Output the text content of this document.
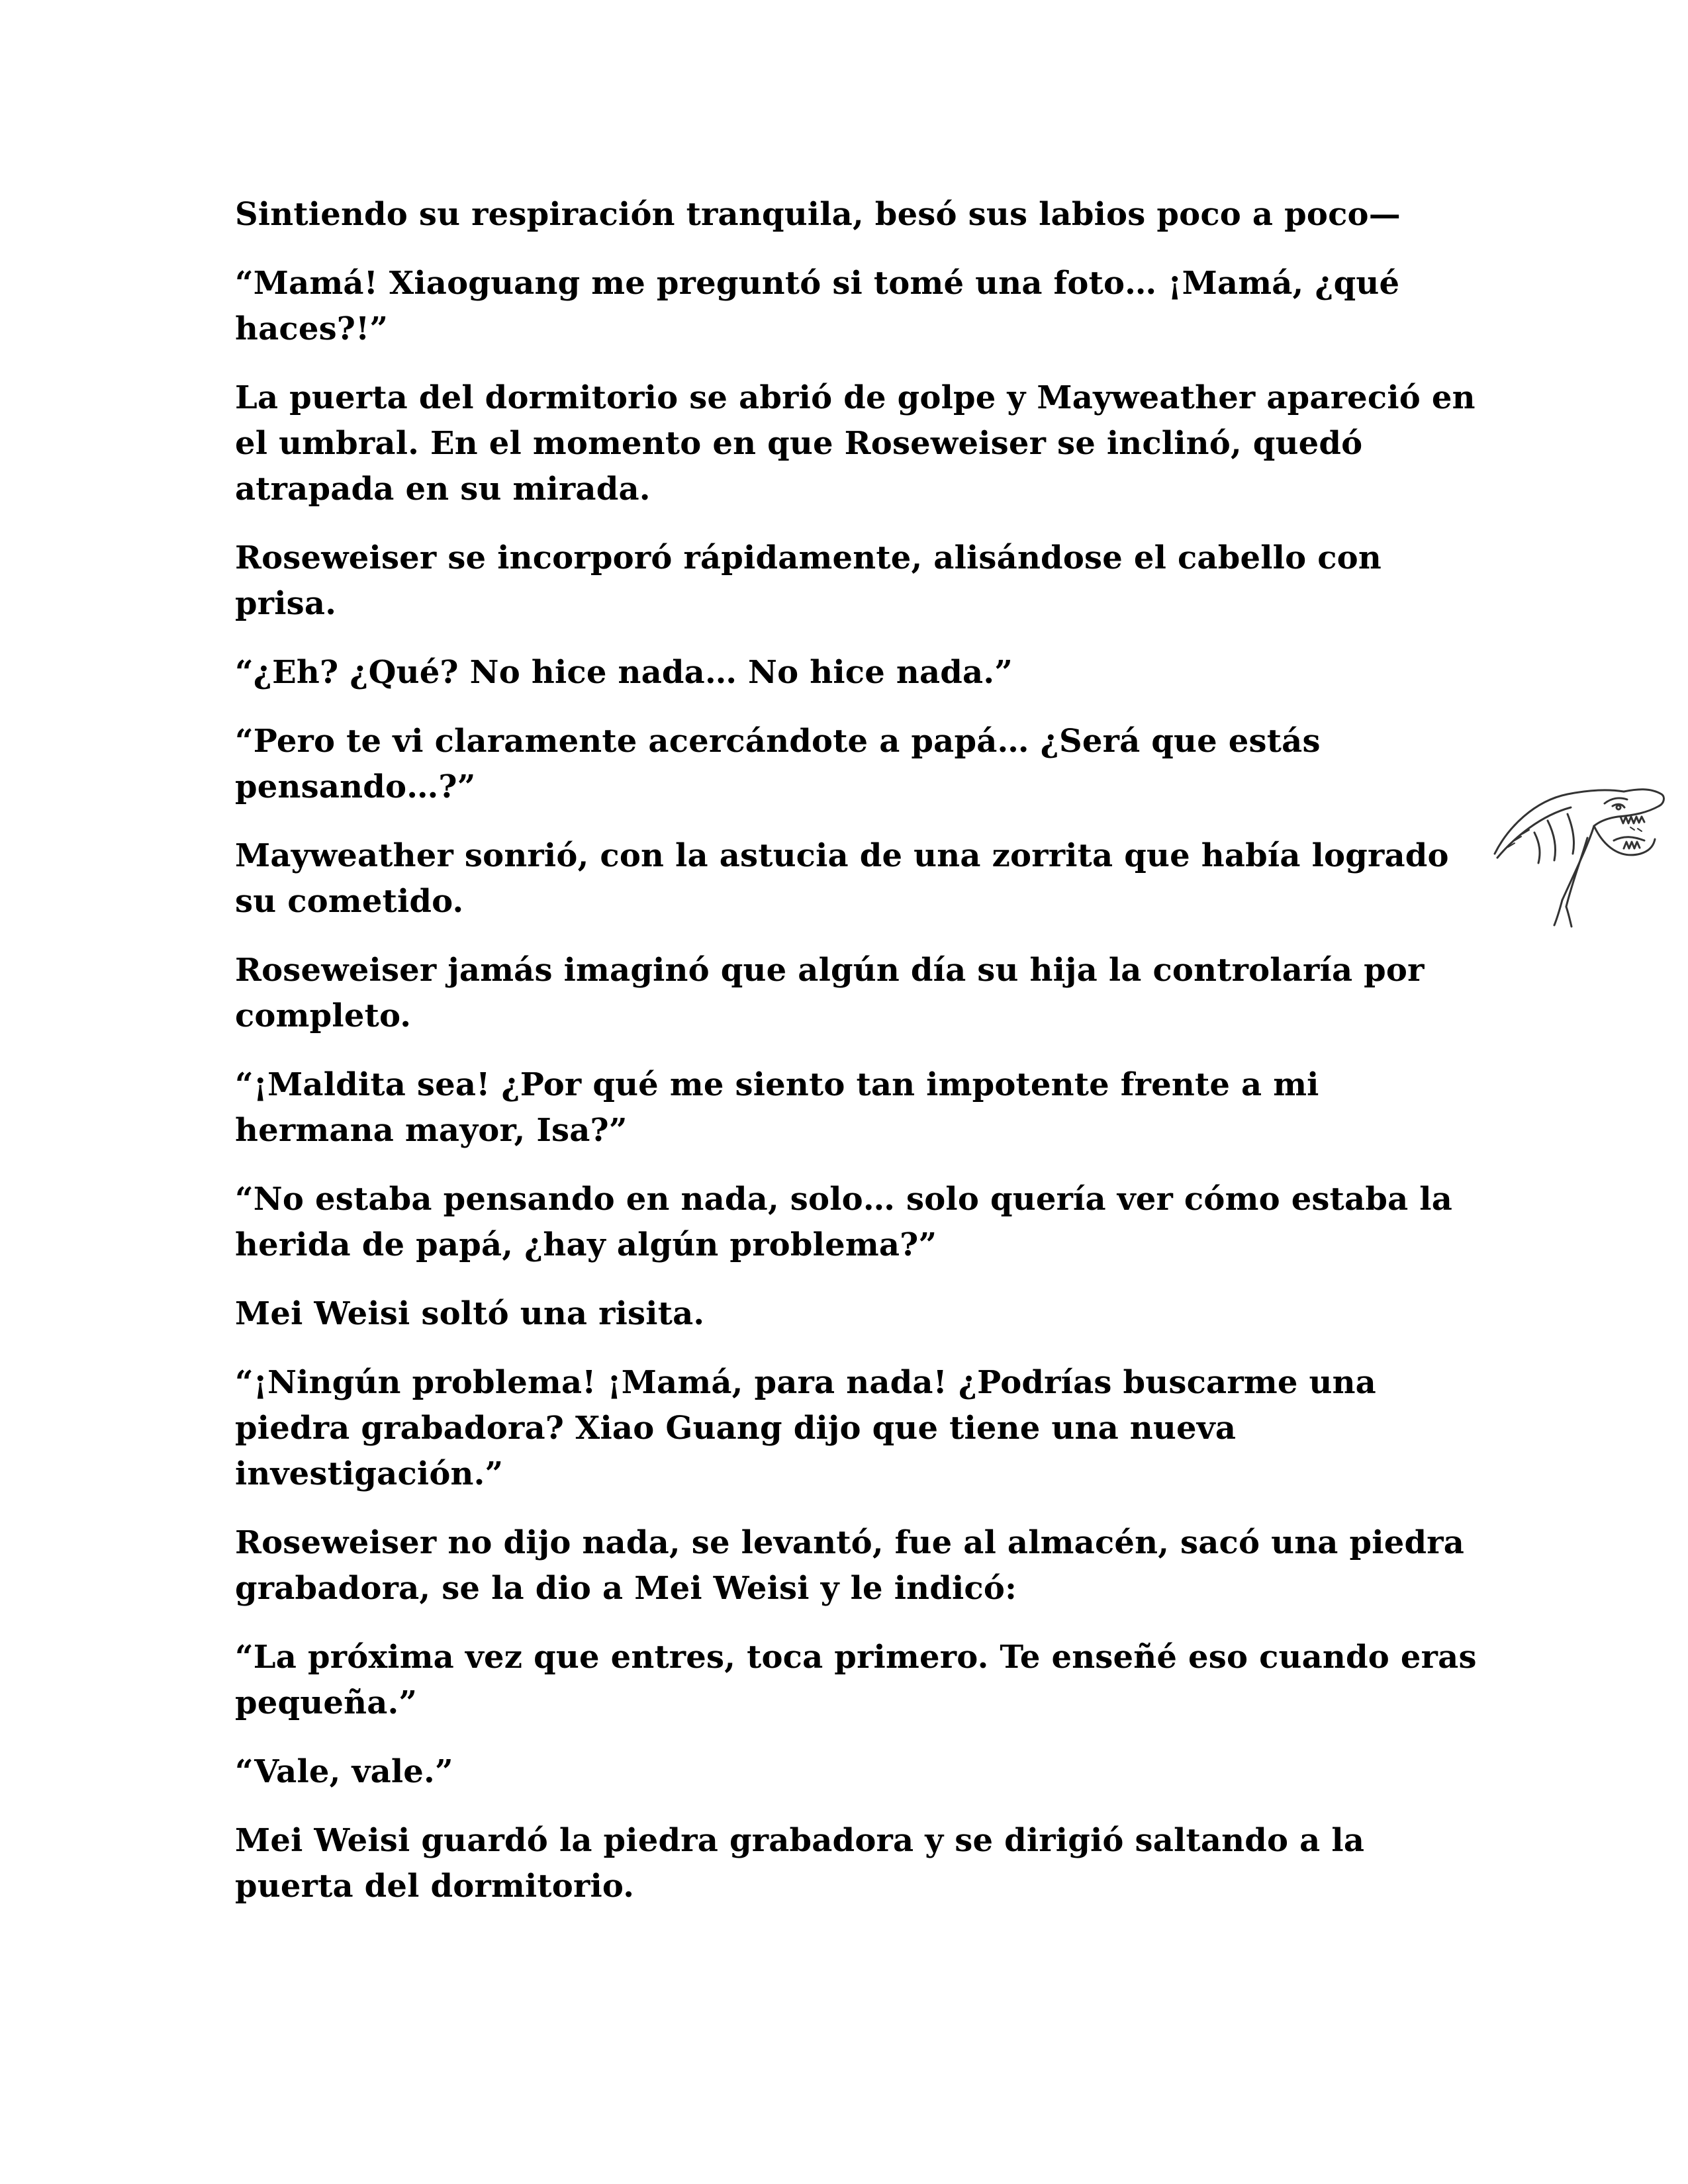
Sintiendo su respiración tranquila, besó sus labios poco a poco—

“Mamá! Xiaoguang me preguntó si tomé una foto… ¡Mamá, ¿qué haces?!”

La puerta del dormitorio se abrió de golpe y Mayweather apareció en el umbral. En el momento en que Roseweiser se inclinó, quedó atrapada en su mirada.

Roseweiser se incorporó rápidamente, alisándose el cabello con prisa.

“¿Eh? ¿Qué? No hice nada… No hice nada.”

“Pero te vi claramente acercándote a papá… ¿Será que estás pensando…?”

Mayweather sonrió, con la astucia de una zorrita que había logrado su cometido.

Roseweiser jamás imaginó que algún día su hija la controlaría por completo.

“¡Maldita sea! ¿Por qué me siento tan impotente frente a mi hermana mayor, Isa?”

“No estaba pensando en nada, solo… solo quería ver cómo estaba la herida de papá, ¿hay algún problema?”

Mei Weisi soltó una risita.

“¡Ningún problema! ¡Mamá, para nada! ¿Podrías buscarme una piedra grabadora? Xiao Guang dijo que tiene una nueva investigación.”

Roseweiser no dijo nada, se levantó, fue al almacén, sacó una piedra grabadora, se la dio a Mei Weisi y le indicó:

“La próxima vez que entres, toca primero. Te enseñé eso cuando eras pequeña.”

“Vale, vale.”

Mei Weisi guardó la piedra grabadora y se dirigió saltando a la puerta del dormitorio.
